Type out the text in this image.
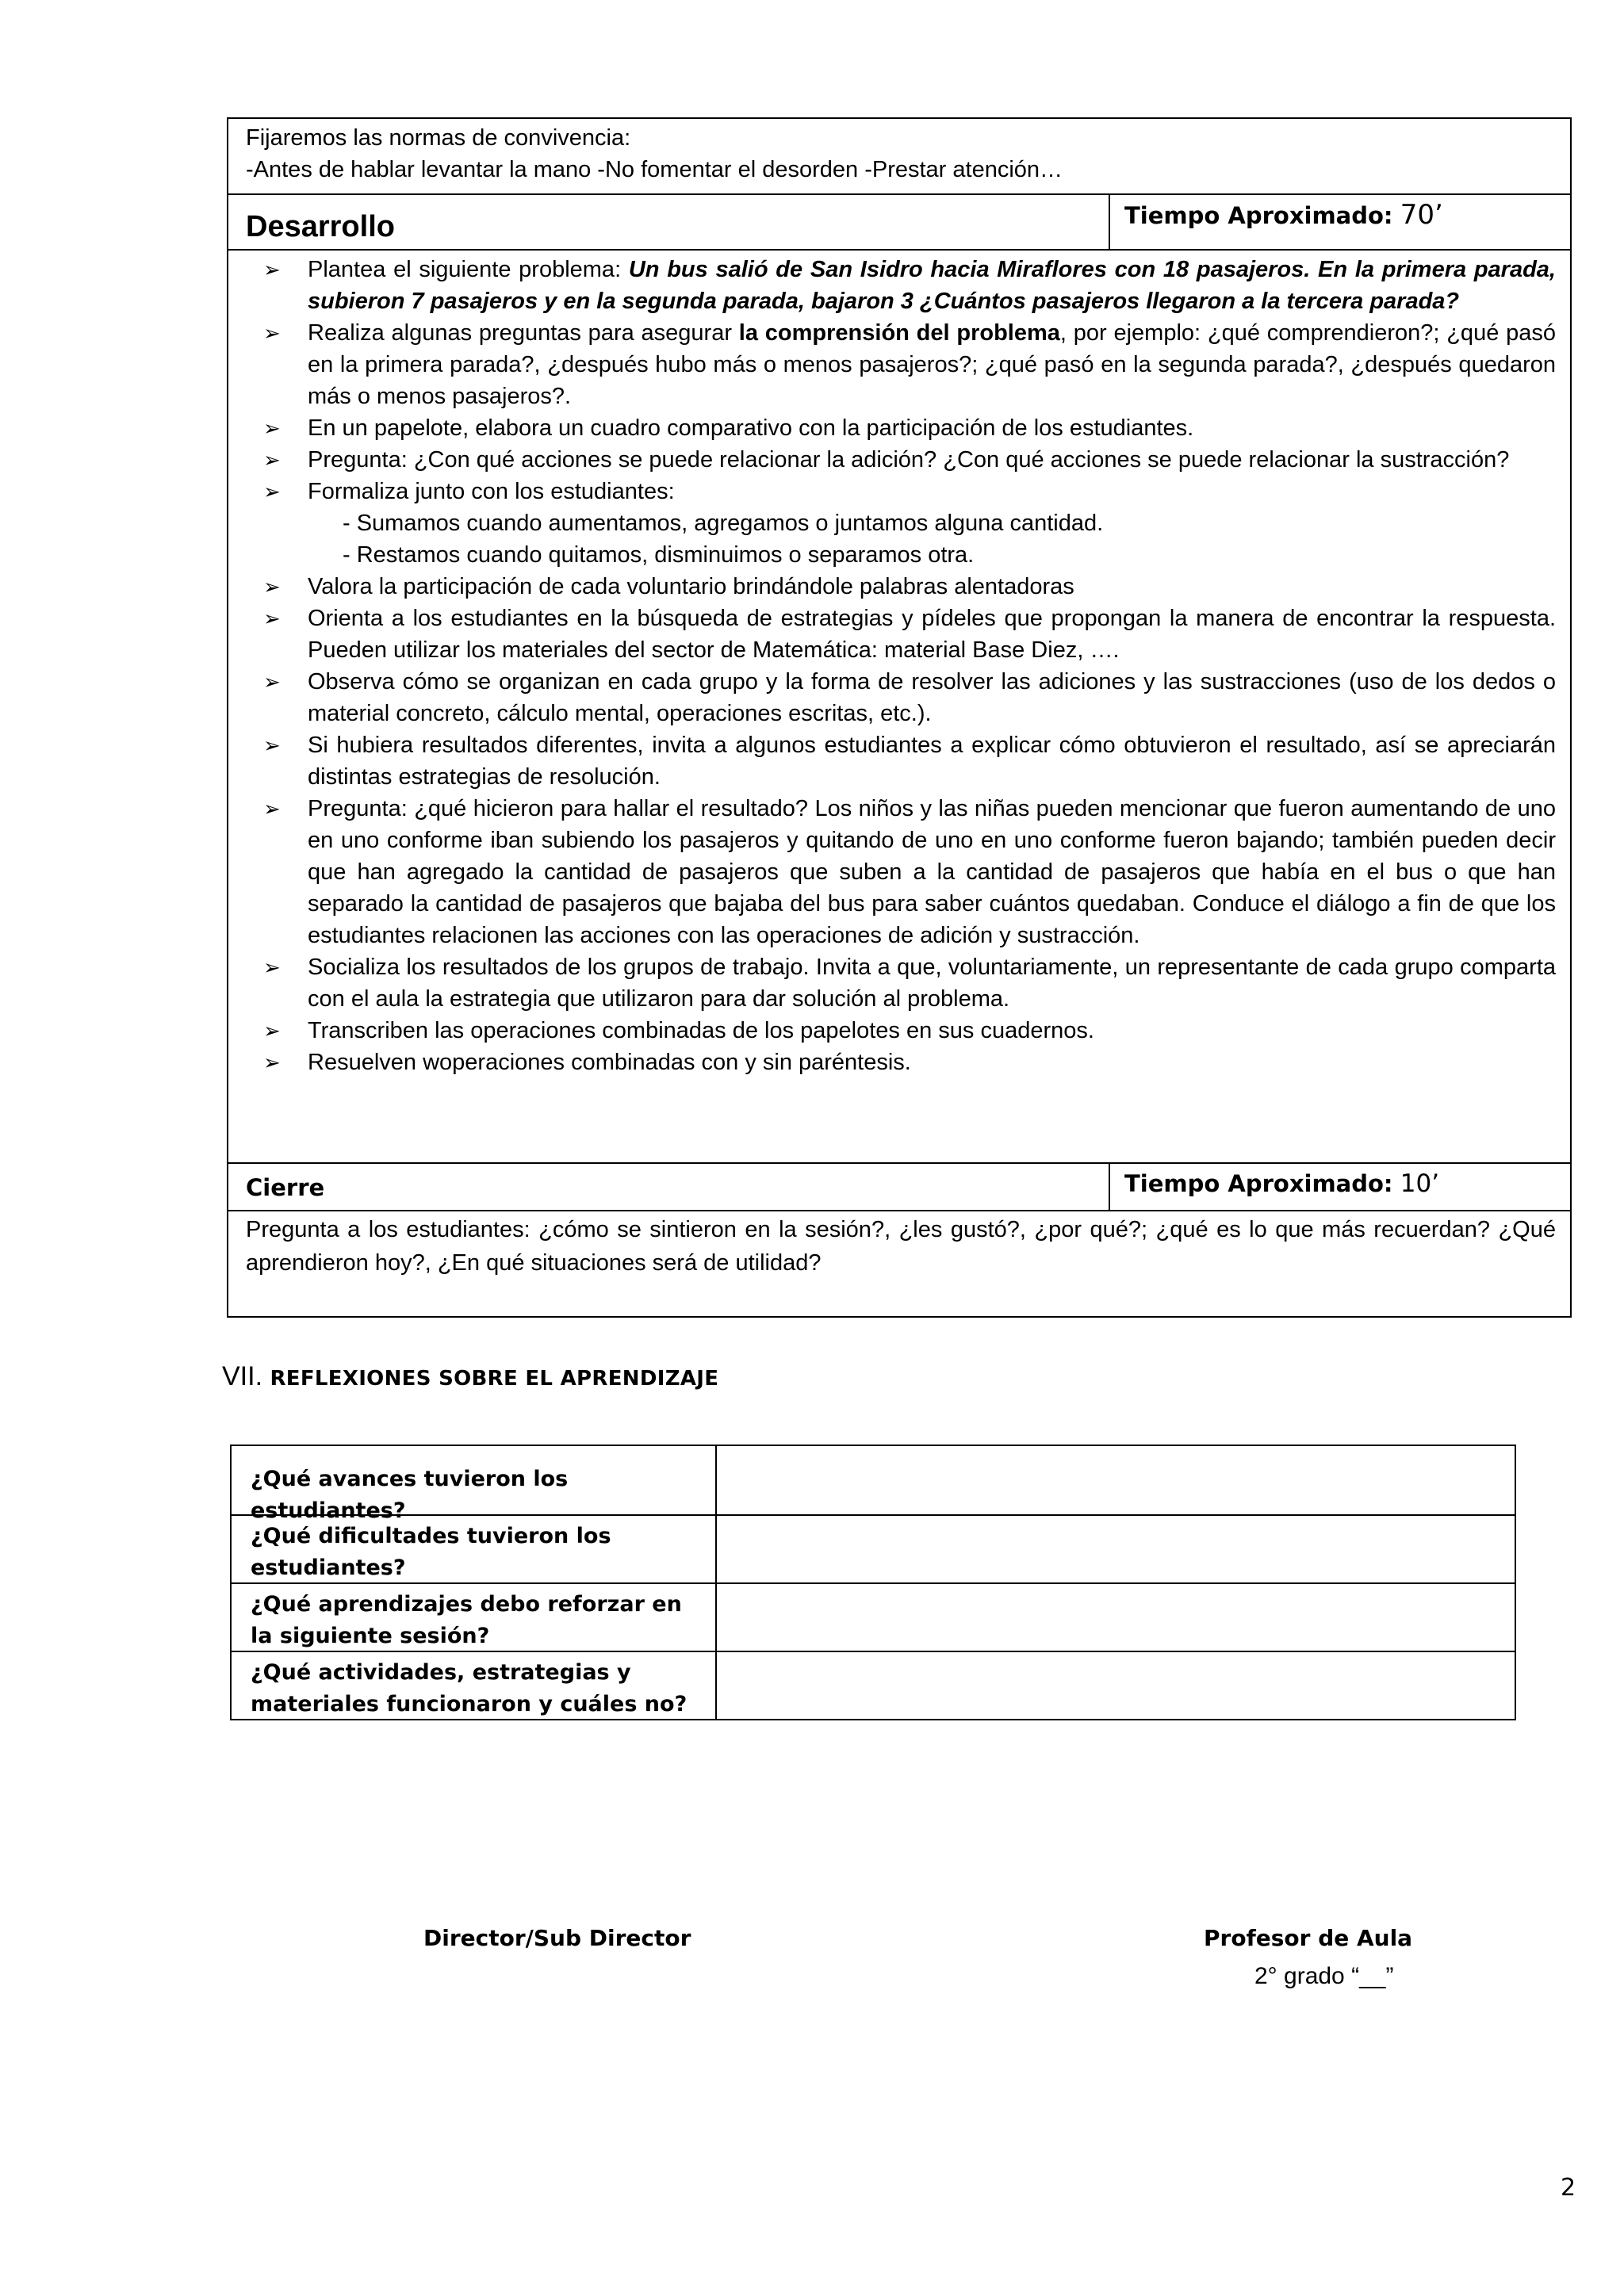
Fijaremos las normas de convivencia:
-Antes de hablar levantar la mano -No fomentar el desorden -Prestar atención…
Desarrollo	Tiempo Aproximado: 70’
➢ Plantea el siguiente problema: Un bus salió de San Isidro hacia Miraflores con 18 pasajeros. En la primera parada, subieron 7 pasajeros y en la segunda parada, bajaron 3 ¿Cuántos pasajeros llegaron a la tercera parada?
➢ Realiza algunas preguntas para asegurar la comprensión del problema, por ejemplo: ¿qué comprendieron?; ¿qué pasó en la primera parada?, ¿después hubo más o menos pasajeros?; ¿qué pasó en la segunda parada?, ¿después quedaron más o menos pasajeros?.
➢ En un papelote, elabora un cuadro comparativo con la participación de los estudiantes.
➢ Pregunta: ¿Con qué acciones se puede relacionar la adición? ¿Con qué acciones se puede relacionar la sustracción?
➢ Formaliza junto con los estudiantes:
- Sumamos cuando aumentamos, agregamos o juntamos alguna cantidad.
- Restamos cuando quitamos, disminuimos o separamos otra.
➢ Valora la participación de cada voluntario brindándole palabras alentadoras
➢ Orienta a los estudiantes en la búsqueda de estrategias y pídeles que propongan la manera de encontrar la respuesta. Pueden utilizar los materiales del sector de Matemática: material Base Diez, ….
➢ Observa cómo se organizan en cada grupo y la forma de resolver las adiciones y las sustracciones (uso de los dedos o material concreto, cálculo mental, operaciones escritas, etc.).
➢ Si hubiera resultados diferentes, invita a algunos estudiantes a explicar cómo obtuvieron el resultado, así se apreciarán distintas estrategias de resolución.
➢ Pregunta: ¿qué hicieron para hallar el resultado? Los niños y las niñas pueden mencionar que fueron aumentando de uno en uno conforme iban subiendo los pasajeros y quitando de uno en uno conforme fueron bajando; también pueden decir que han agregado la cantidad de pasajeros que suben a la cantidad de pasajeros que había en el bus o que han separado la cantidad de pasajeros que bajaba del bus para saber cuántos quedaban. Conduce el diálogo a fin de que los estudiantes relacionen las acciones con las operaciones de adición y sustracción.
➢ Socializa los resultados de los grupos de trabajo. Invita a que, voluntariamente, un representante de cada grupo comparta con el aula la estrategia que utilizaron para dar solución al problema.
➢ Transcriben las operaciones combinadas de los papelotes en sus cuadernos.
➢ Resuelven woperaciones combinadas con y sin paréntesis.
Cierre	Tiempo Aproximado: 10’
Pregunta a los estudiantes: ¿cómo se sintieron en la sesión?, ¿les gustó?, ¿por qué?; ¿qué es lo que más recuerdan? ¿Qué aprendieron hoy?, ¿En qué situaciones será de utilidad?
VII. REFLEXIONES SOBRE EL APRENDIZAJE
¿Qué avances tuvieron los estudiantes?
¿Qué dificultades tuvieron los estudiantes?
¿Qué aprendizajes debo reforzar en la siguiente sesión?
¿Qué actividades, estrategias y materiales funcionaron y cuáles no?
Director/Sub Director	Profesor de Aula
2° grado “__”
2
